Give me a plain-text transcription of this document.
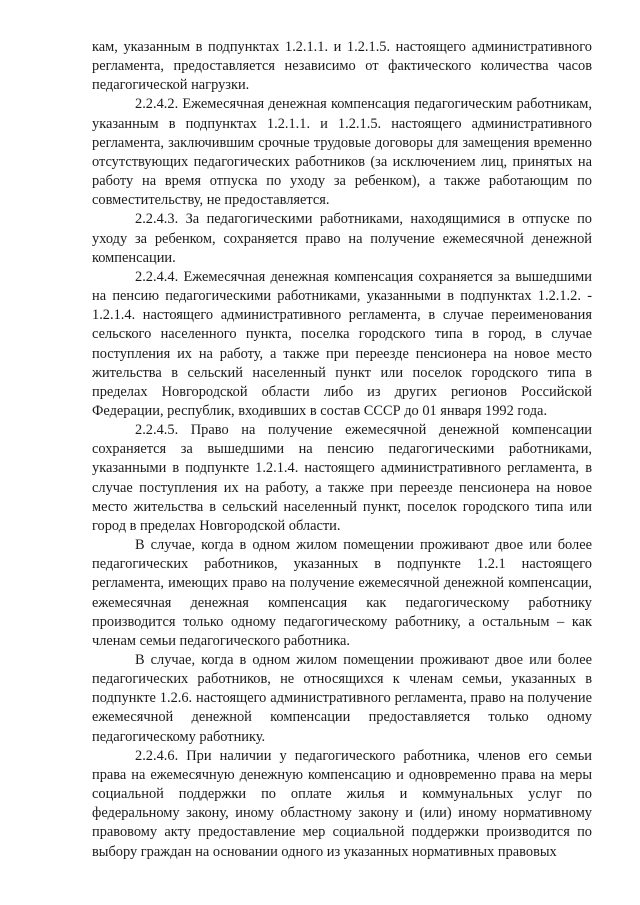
кам, указанным в подпунктах 1.2.1.1. и 1.2.1.5. настоящего административного регламента, предоставляется независимо от фактического количества часов педагогической нагрузки.

2.2.4.2. Ежемесячная денежная компенсация педагогическим работникам, указанным в подпунктах 1.2.1.1. и 1.2.1.5. настоящего административного регламента, заключившим срочные трудовые договоры для замещения временно отсутствующих педагогических работников (за исключением лиц, принятых на работу на время отпуска по уходу за ребенком), а также работающим по совместительству, не предоставляется.

2.2.4.3. За педагогическими работниками, находящимися в отпуске по уходу за ребенком, сохраняется право на получение ежемесячной денежной компенсации.

2.2.4.4. Ежемесячная денежная компенсация сохраняется за вышедшими на пенсию педагогическими работниками, указанными в подпунктах 1.2.1.2. - 1.2.1.4. настоящего административного регламента, в случае переименования сельского населенного пункта, поселка городского типа в город, в случае поступления их на работу, а также при переезде пенсионера на новое место жительства в сельский населенный пункт или поселок городского типа в пределах Новгородской области либо из других регионов Российской Федерации, республик, входивших в состав СССР до 01 января 1992 года.

2.2.4.5. Право на получение ежемесячной денежной компенсации сохраняется за вышедшими на пенсию педагогическими работниками, указанными в подпункте 1.2.1.4. настоящего административного регламента, в случае поступления их на работу, а также при переезде пенсионера на новое место жительства в сельский населенный пункт, поселок городского типа или город в пределах Новгородской области.

В случае, когда в одном жилом помещении проживают двое или более педагогических работников, указанных в подпункте 1.2.1 настоящего регламента, имеющих право на получение ежемесячной денежной компенсации, ежемесячная денежная компенсация как педагогическому работнику производится только одному педагогическому работнику, а остальным – как членам семьи педагогического работника.

В случае, когда в одном жилом помещении проживают двое или более педагогических работников, не относящихся к членам семьи, указанных в подпункте 1.2.6. настоящего административного регламента, право на получение ежемесячной денежной компенсации предоставляется только одному педагогическому работнику.

2.2.4.6. При наличии у педагогического работника, членов его семьи права на ежемесячную денежную компенсацию и одновременно права на меры социальной поддержки по оплате жилья и коммунальных услуг по федеральному закону, иному областному закону и (или) иному нормативному правовому акту предоставление мер социальной поддержки производится по выбору граждан на основании одного из указанных нормативных правовых
